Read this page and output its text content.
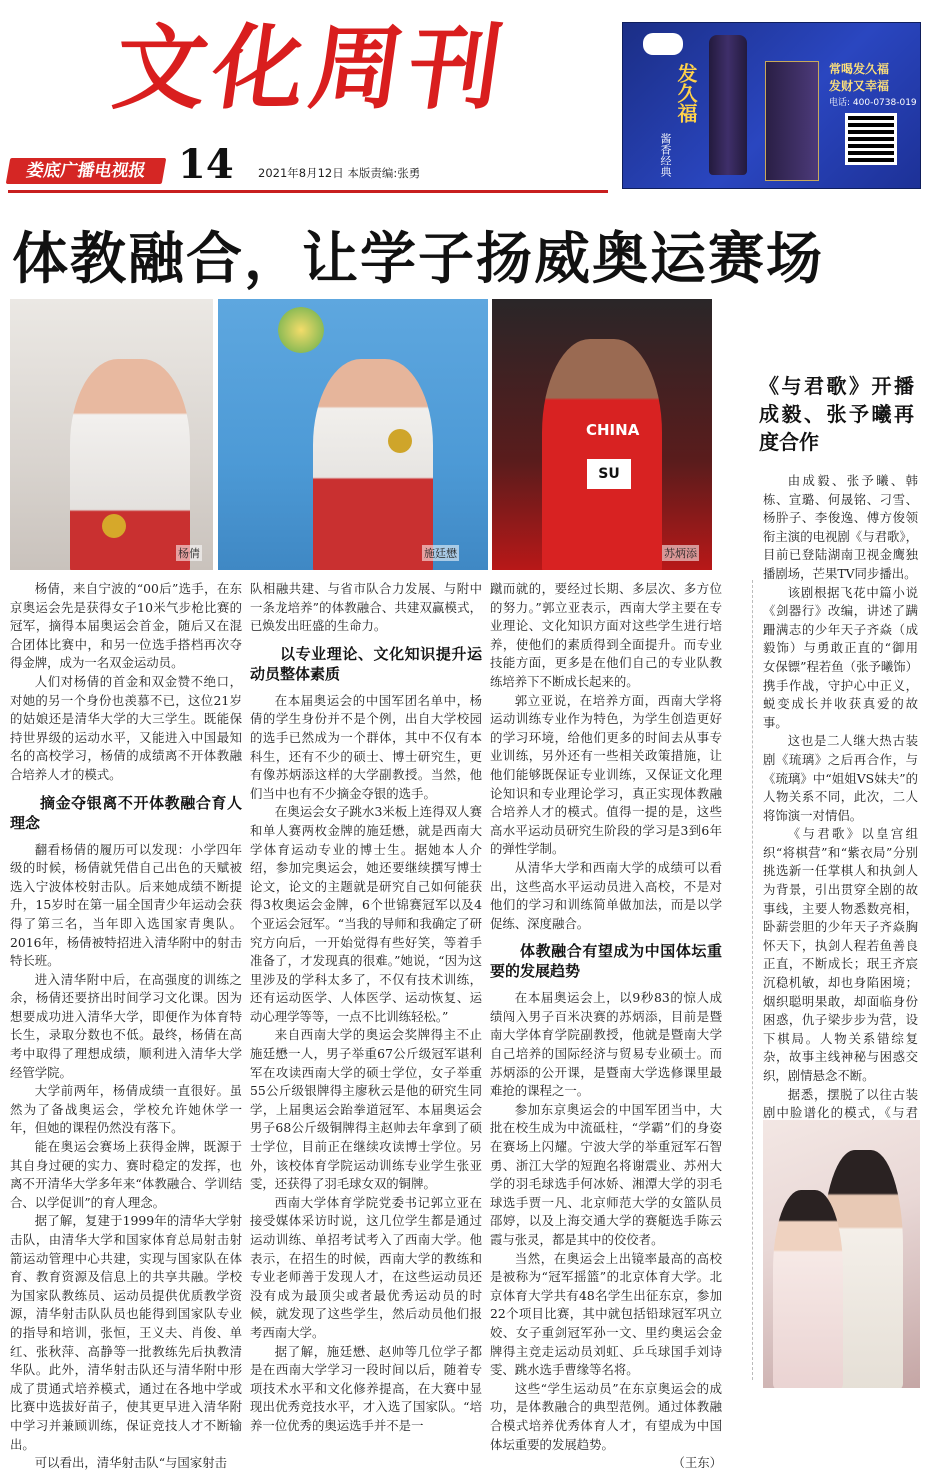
文化周刊
娄底广播电视报 14 2021年8月12日 本版责编:张勇
发久福
酱香经典
常喝发久福
发财又幸福
电话: 400-0738-019
体教融合，让学子扬威奥运赛场
杨倩	施廷懋
CHINA
SU
苏炳添

杨倩，来自宁波的“00后”选手，在东京奥运会先是获得女子10米气步枪比赛的冠军，摘得本届奥运会首金，随后又在混合团体比赛中，和另一位选手搭档再次夺得金牌，成为一名双金运动员。

人们对杨倩的首金和双金赞不绝口，对她的另一个身份也羡慕不已，这位21岁的姑娘还是清华大学的大三学生。既能保持世界级的运动水平，又能进入中国最知名的高校学习，杨倩的成绩离不开体教融合培养人才的模式。

摘金夺银离不开体教融合育人理念

翻看杨倩的履历可以发现：小学四年级的时候，杨倩就凭借自己出色的天赋被选入宁波体校射击队。后来她成绩不断提升，15岁时在第一届全国青少年运动会获得了第三名，当年即入选国家青奥队。2016年，杨倩被特招进入清华附中的射击特长班。

进入清华附中后，在高强度的训练之余，杨倩还要挤出时间学习文化课。因为想要成功进入清华大学，即便作为体育特长生，录取分数也不低。最终，杨倩在高考中取得了理想成绩，顺利进入清华大学经管学院。

大学前两年，杨倩成绩一直很好。虽然为了备战奥运会，学校允许她休学一年，但她的课程仍然没有落下。

能在奥运会赛场上获得金牌，既源于其自身过硬的实力、赛时稳定的发挥，也离不开清华大学多年来“体教融合、学训结合、以学促训”的育人理念。

据了解，复建于1999年的清华大学射击队，由清华大学和国家体育总局射击射箭运动管理中心共建，实现与国家队在体育、教育资源及信息上的共享共融。学校为国家队教练员、运动员提供优质教学资源，清华射击队队员也能得到国家队专业的指导和培训，张恒，王义夫、肖俊、单红、张秋萍、高静等一批教练先后执教清华队。此外，清华射击队还与清华附中形成了贯通式培养模式，通过在各地中学或比赛中选拔好苗子，使其更早进入清华附中学习并兼顾训练，保证竞技人才不断输出。

可以看出，清华射击队“与国家射击

队相融共建、与省市队合力发展、与附中一条龙培养”的体教融合、共建双赢模式，已焕发出旺盛的生命力。

以专业理论、文化知识提升运动员整体素质

在本届奥运会的中国军团名单中，杨倩的学生身份并不是个例，出自大学校园的选手已然成为一个群体，其中不仅有本科生，还有不少的硕士、博士研究生，更有像苏炳添这样的大学副教授。当然，他们当中也有不少摘金夺银的选手。

在奥运会女子跳水3米板上连得双人赛和单人赛两枚金牌的施廷懋，就是西南大学体育运动专业的博士生。据她本人介绍，参加完奥运会，她还要继续撰写博士论文，论文的主题就是研究自己如何能获得3枚奥运会金牌，6个世锦赛冠军以及4个亚运会冠军。“当我的导师和我确定了研究方向后，一开始觉得有些好笑，等着手准备了，才发现真的很难。”她说，“因为这里涉及的学科太多了，不仅有技术训练，还有运动医学、人体医学、运动恢复、运动心理学等等，一点不比训练轻松。”

来自西南大学的奥运会奖牌得主不止施廷懋一人，男子举重67公斤级冠军谌利军在攻读西南大学的硕士学位，女子举重55公斤级银牌得主廖秋云是他的研究生同学，上届奥运会跆拳道冠军、本届奥运会男子68公斤级铜牌得主赵帅去年拿到了硕士学位，目前正在继续攻读博士学位。另外，该校体育学院运动训练专业学生张亚雯，还获得了羽毛球女双的铜牌。

西南大学体育学院党委书记郭立亚在接受媒体采访时说，这几位学生都是通过运动训练、单招考试考入了西南大学。他表示，在招生的时候，西南大学的教练和专业老师善于发现人才，在这些运动员还没有成为最顶尖或者最优秀运动员的时候，就发现了这些学生，然后动员他们报考西南大学。

据了解，施廷懋、赵帅等几位学子都是在西南大学学习一段时间以后，随着专项技术水平和文化修养提高，在大赛中显现出优秀竞技水平，才入选了国家队。“培养一位优秀的奥运选手并不是一

蹴而就的，要经过长期、多层次、多方位的努力。”郭立亚表示，西南大学主要在专业理论、文化知识方面对这些学生进行培养，使他们的素质得到全面提升。而专业技能方面，更多是在他们自己的专业队教练培养下不断成长起来的。

郭立亚说，在培养方面，西南大学将运动训练专业作为特色，为学生创造更好的学习环境，给他们更多的时间去从事专业训练，另外还有一些相关政策措施，让他们能够既保证专业训练，又保证文化理论知识和专业理论学习，真正实现体教融合培养人才的模式。值得一提的是，这些高水平运动员研究生阶段的学习是3到6年的弹性学制。

从清华大学和西南大学的成绩可以看出，这些高水平运动员进入高校，不是对他们的学习和训练简单做加法，而是以学促练、深度融合。

体教融合有望成为中国体坛重要的发展趋势

在本届奥运会上，以9秒83的惊人成绩闯入男子百米决赛的苏炳添，目前是暨南大学体育学院副教授，他就是暨南大学自己培养的国际经济与贸易专业硕士。而苏炳添的公开课，是暨南大学选修课里最难抢的课程之一。

参加东京奥运会的中国军团当中，大批在校生成为中流砥柱，“学霸”们的身姿在赛场上闪耀。宁波大学的举重冠军石智勇、浙江大学的短跑名将谢震业、苏州大学的羽毛球选手何冰娇、湘潭大学的羽毛球选手贾一凡、北京师范大学的女篮队员邵婷，以及上海交通大学的赛艇选手陈云霞与张灵，都是其中的佼佼者。

当然，在奥运会上出镜率最高的高校是被称为“冠军摇篮”的北京体育大学。北京体育大学共有48名学生出征东京，参加22个项目比赛，其中就包括铅球冠军巩立姣、女子重剑冠军孙一文、里约奥运会金牌得主竞走运动员刘虹、乒乓球国手刘诗雯、跳水选手曹缘等名将。

这些“学生运动员”在东京奥运会的成功，是体教融合的典型范例。通过体教融合模式培养优秀体育人才，有望成为中国体坛重要的发展趋势。

（王东）

《与君歌》开播 成毅、张予曦再度合作

由成毅、张予曦、韩栋、宣璐、何晟铭、刁雪、杨肸子、李俊逸、傅方俊领衔主演的电视剧《与君歌》，目前已登陆湖南卫视金鹰独播剧场，芒果TV同步播出。

该剧根据飞花中篇小说《剑器行》改编，讲述了蹒跚满志的少年天子齐焱（成毅饰）与勇敢正直的“御用女保镖”程若鱼（张予曦饰）携手作战，守护心中正义，蜕变成长并收获真爱的故事。

这也是二人继大热古装剧《琉璃》之后再合作，与《琉璃》中“姐姐VS妹夫”的人物关系不同，此次，二人将饰演一对情侣。

《与君歌》以皇宫组织“将棋营”和“紫衣局”分别挑选新一任掌棋人和执剑人为背景，引出贯穿全剧的故事线，主要人物悉数亮相，卧薪尝胆的少年天子齐焱胸怀天下，执剑人程若鱼善良正直，不断成长；珉王齐宸沉稳机敏，却也身陷困境；烟织聪明果敢，却面临身份困惑，仇子梁步步为营，设下棋局。人物关系错综复杂，故事主线神秘与困惑交织，剧情悬念不断。

据悉，摆脱了以往古装剧中脸谱化的模式，《与君
